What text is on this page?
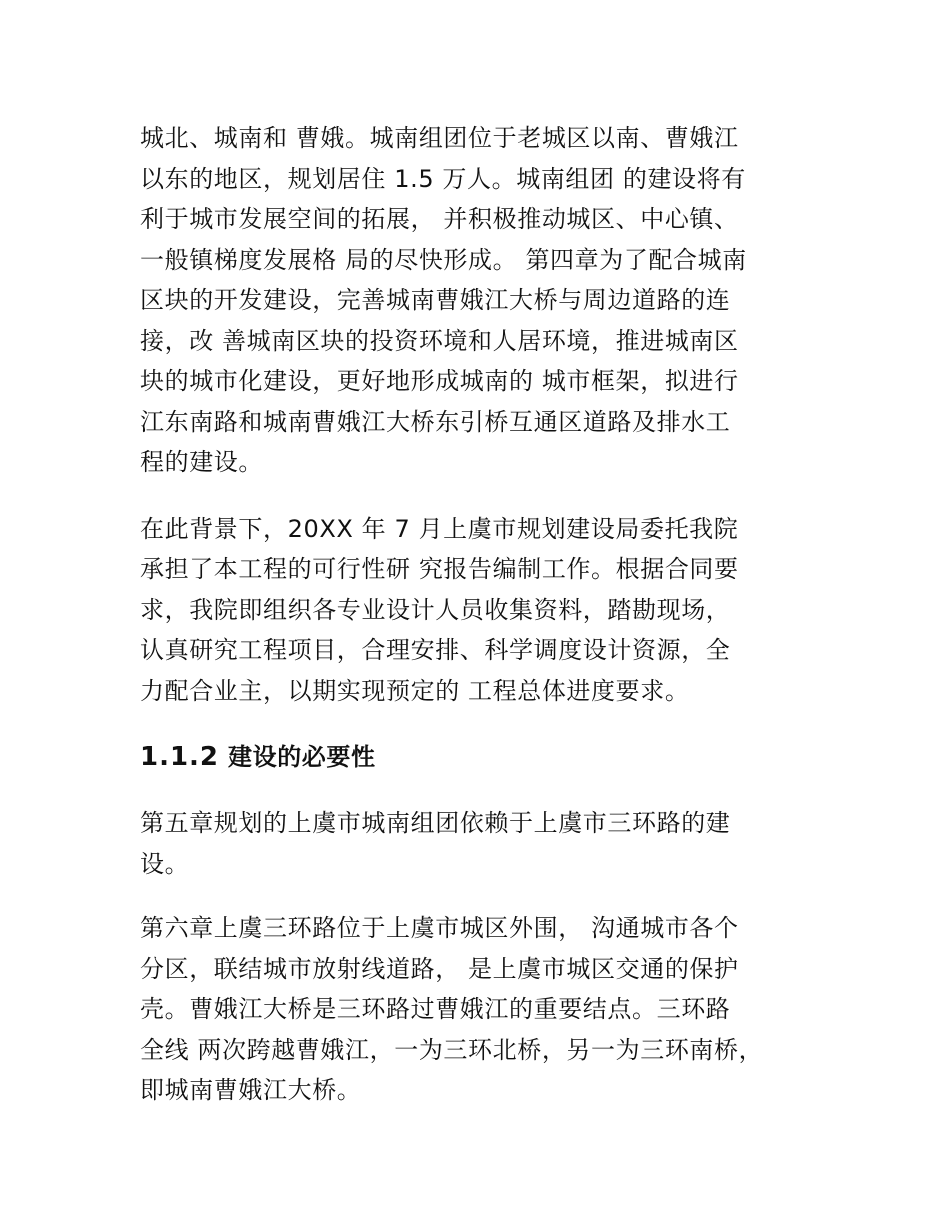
城北、城南和 曹娥。城南组团位于老城区以南、曹娥江
以东的地区，规划居住 1.5 万人。城南组团 的建设将有
利于城市发展空间的拓展， 并积极推动城区、中心镇、
一般镇梯度发展格 局的尽快形成。 第四章为了配合城南
区块的开发建设，完善城南曹娥江大桥与周边道路的连
接，改 善城南区块的投资环境和人居环境，推进城南区
块的城市化建设，更好地形成城南的 城市框架，拟进行
江东南路和城南曹娥江大桥东引桥互通区道路及排水工
程的建设。

在此背景下，20XX 年 7 月上虞市规划建设局委托我院
承担了本工程的可行性研 究报告编制工作。根据合同要
求，我院即组织各专业设计人员收集资料，踏勘现场，
认真研究工程项目，合理安排、科学调度设计资源，全
力配合业主，以期实现预定的 工程总体进度要求。

1.1.2 建设的必要性

第五章规划的上虞市城南组团依赖于上虞市三环路的建
设。

第六章上虞三环路位于上虞市城区外围， 沟通城市各个
分区，联结城市放射线道路， 是上虞市城区交通的保护
壳。曹娥江大桥是三环路过曹娥江的重要结点。三环路
全线 两次跨越曹娥江，一为三环北桥，另一为三环南桥，
即城南曹娥江大桥。
